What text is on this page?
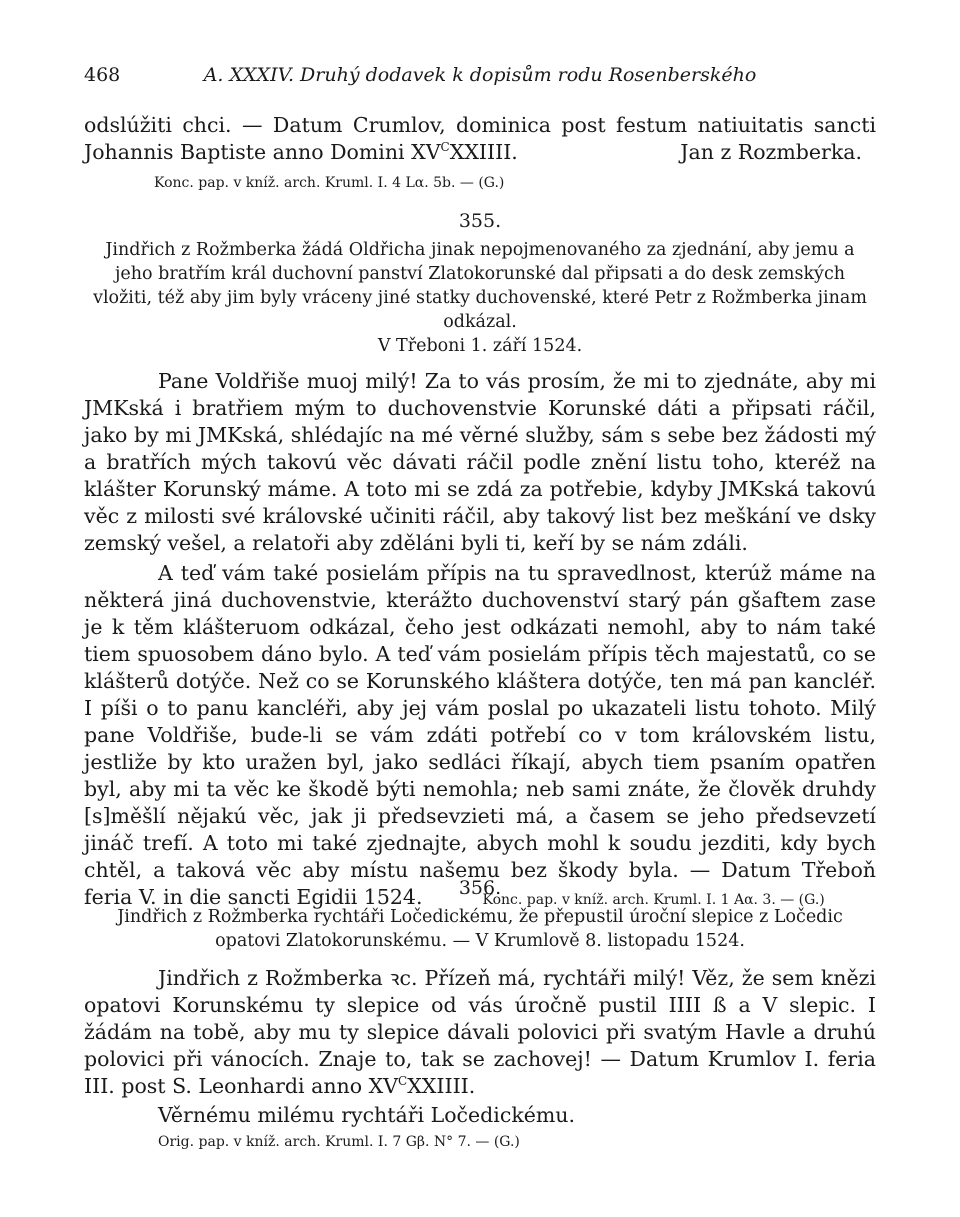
468	A. XXXIV. Druhý dodavek k dopisům rodu Rosenberského

odslúžiti chci. — Datum Crumlov, dominica post festum natiuitatis sancti Johannis Baptiste anno Domini $XV^CXXIIII$.	Jan z Rozmberka.

Konc. pap. v kníž. arch. Kruml. I. 4 Lα. 5b. — (G.)
355.

Jindřich z Rožmberka žádá Oldřicha jinak nepojmenovaného za zjednání, aby jemu a jeho bratřím král duchovní panství Zlatokorunské dal připsati a do desk zemských vložiti, též aby jim byly vráceny jiné statky duchovenské, které Petr z Rožmberka jinam odkázal.

V Třeboni 1. září 1524.

Pane Voldřiše muoj milý! Za to vás prosím, že mi to zjednáte, aby mi JMKská i bratřiem mým to duchovenstvie Korunské dáti a připsati ráčil, jako by mi JMKská, shlédajíc na mé věrné služby, sám s sebe bez žádosti mý a bratřích mých takovú věc dávati ráčil podle znění listu toho, kteréž na klášter Korunský máme. A toto mi se zdá za potřebie, kdyby JMKská takovú věc z milosti své královské učiniti ráčil, aby takový list bez meškání ve dsky zemský vešel, a relatoři aby zděláni byli ti, keří by se nám zdáli.

A teď vám také posielám přípis na tu spravedlnost, kterúž máme na některá jiná duchovenstvie, kterážto duchovenství starý pán gšaftem zase je k těm klášteruom odkázal, čeho jest odkázati nemohl, aby to nám také tiem spuosobem dáno bylo. A teď vám posielám přípis těch majestatů, co se klášterů dotýče. Než co se Korunského kláštera dotýče, ten má pan kancléř. I píši o to panu kancléři, aby jej vám poslal po ukazateli listu tohoto. Milý pane Voldřiše, bude-li se vám zdáti potřebí co v tom královském listu, jestliže by kto uražen byl, jako sedláci říkají, abych tiem psaním opatřen byl, aby mi ta věc ke škodě býti nemohla; neb sami znáte, že člověk druhdy [s]měšlí nějakú věc, jak ji předsevzieti má, a časem se jeho předsevzetí jináč trefí. A toto mi také zjednajte, abych mohl k soudu jezditi, kdy bych chtěl, a taková věc aby místu našemu bez škody byla. — Datum Třeboň feria V. in die sancti Egidii 1524.	Konc. pap. v kníž. arch. Kruml. I. 1 Aα. 3. — (G.)

356.

Jindřich z Rožmberka rychtáři Ločedickému, že přepustil úroční slepice z Ločedic opatovi Zlatokorunskému. — V Krumlově 8. listopadu 1524.

Jindřich z Rožmberka ꝛc. Přízeň má, rychtáři milý! Věz, že sem knězi opatovi Korunskému ty slepice od vás úročně pustil IIII ß a V slepic. I žádám na tobě, aby mu ty slepice dávali polovici při svatým Havle a druhú polovici při vánocích. Znaje to, tak se zachovej! — Datum Krumlov I. feria III. post S. Leonhardi anno $XV^CXXIIII$.

Věrnému milému rychtáři Ločedickému.
Orig. pap. v kníž. arch. Kruml. I. 7 Gβ. N° 7. — (G.)
